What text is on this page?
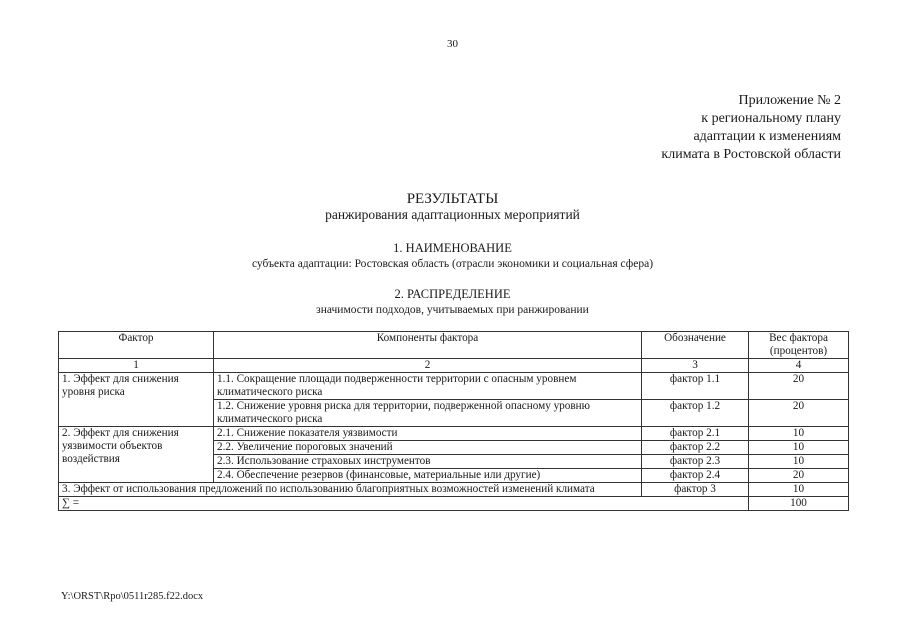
30
Приложение № 2
к региональному плану
адаптации к изменениям
климата в Ростовской области
РЕЗУЛЬТАТЫ
ранжирования адаптационных мероприятий
1. НАИМЕНОВАНИЕ
субъекта адаптации: Ростовская область (отрасли экономики и социальная сфера)
2. РАСПРЕДЕЛЕНИЕ
значимости подходов, учитываемых при ранжировании
Фактор	Компоненты фактора	Обозначение	Вес фактора (процентов)
1	2	3	4
1. Эффект для снижения уровня риска	1.1. Сокращение площади подверженности территории с опасным уровнем климатического риска	фактор 1.1	20
	1.2. Снижение уровня риска для территории, подверженной опасному уровню климатического риска	фактор 1.2	20
2. Эффект для снижения уязвимости объектов воздействия	2.1. Снижение показателя уязвимости	фактор 2.1	10
	2.2. Увеличение пороговых значений	фактор 2.2	10
	2.3. Использование страховых инструментов	фактор 2.3	10
	2.4. Обеспечение резервов (финансовые, материальные или другие)	фактор 2.4	20
3. Эффект от использования предложений по использованию благоприятных возможностей изменений климата		фактор 3	10
∑ =			100
Y:\ORST\Rpo\0511r285.f22.docx
